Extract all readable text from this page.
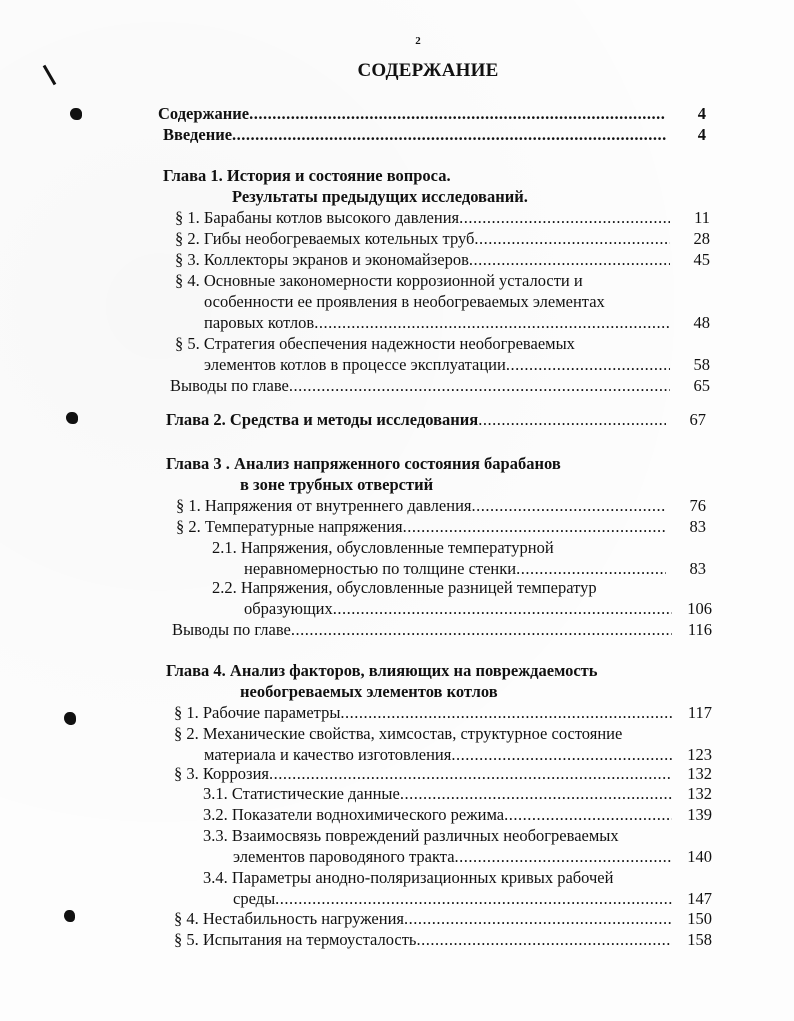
2
СОДЕРЖАНИЕ
Содержание .....	4
Введение .....	4
Глава 1. История и состояние вопроса.
Результаты предыдущих исследований.
§ 1. Барабаны котлов высокого давления .....	11
§ 2. Гибы необогреваемых котельных труб .....	28
§ 3. Коллекторы экранов и экономайзеров .....	45
§ 4. Основные закономерности коррозионной усталости и
особенности ее проявления в необогреваемых элементах
паровых котлов .....	48
§ 5. Стратегия обеспечения надежности необогреваемых
элементов котлов в процессе эксплуатации .....	58
Выводы по главе .....	65
Глава 2. Средства и методы исследования .....	67
Глава 3 . Анализ напряженного состояния барабанов
в зоне трубных отверстий
§ 1. Напряжения от внутреннего давления .....	76
§ 2. Температурные напряжения .....	83
2.1. Напряжения, обусловленные температурной
неравномерностью по толщине стенки .....	83
2.2. Напряжения, обусловленные разницей температур
образующих .....	106
Выводы по главе .....	116
Глава 4. Анализ факторов, влияющих на повреждаемость
необогреваемых элементов котлов
§ 1. Рабочие параметры .....	117
§ 2. Механические свойства, химсостав, структурное состояние
материала и качество изготовления .....	123
§ 3. Коррозия .....	132
3.1. Статистические данные .....	132
3.2. Показатели воднохимического режима .....	139
3.3. Взаимосвязь повреждений различных необогреваемых
элементов пароводяного тракта .....	140
3.4. Параметры анодно-поляризационных кривых рабочей
среды .....	147
§ 4. Нестабильность нагружения .....	150
§ 5. Испытания на термоусталость .....	158
